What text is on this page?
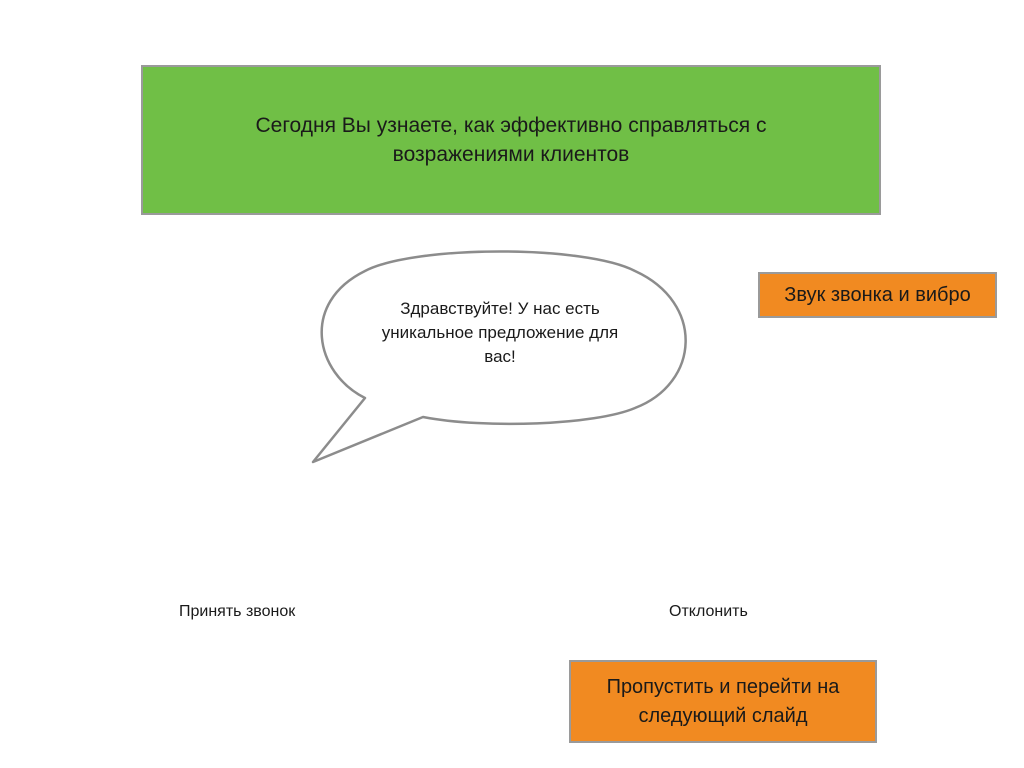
Сегодня Вы узнаете, как эффективно справляться с возражениями клиентов
Здравствуйте! У нас есть уникальное предложение для вас!
Звук звонка и вибро
Принять звонок	Отклонить
Пропустить и перейти на следующий слайд
